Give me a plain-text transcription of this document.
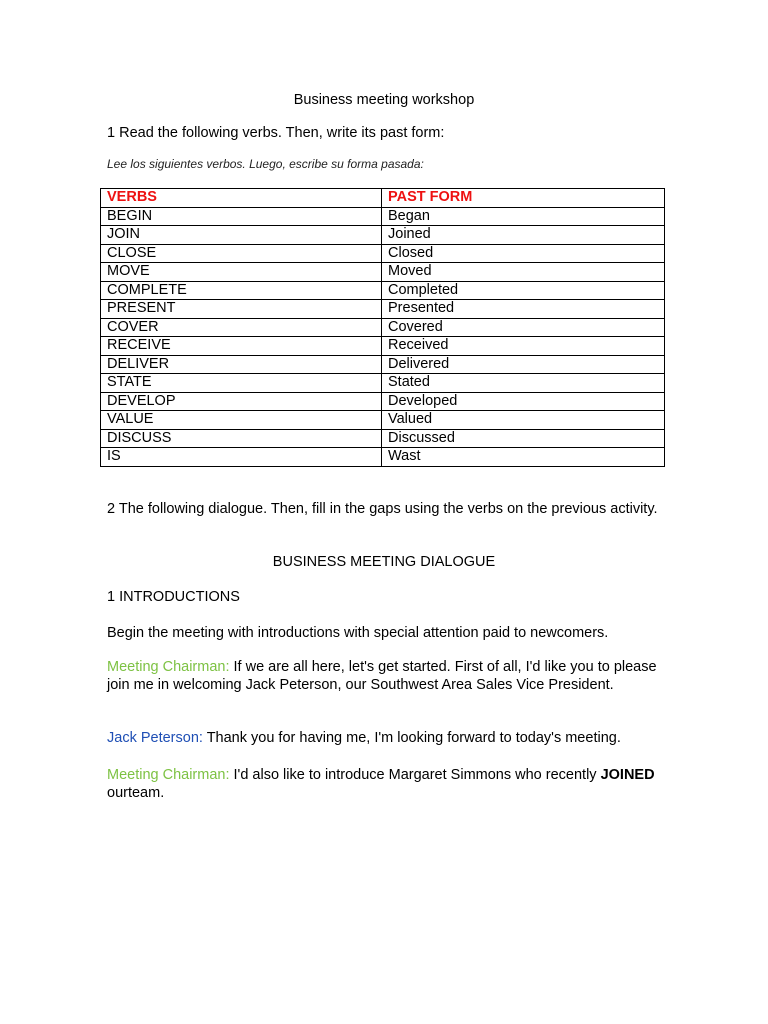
Business meeting workshop
1 Read the following verbs. Then, write its past form:
Lee los siguientes verbos. Luego, escribe su forma pasada:
VERBS	PAST FORM
BEGIN	Began
JOIN	Joined
CLOSE	Closed
MOVE	Moved
COMPLETE	Completed
PRESENT	Presented
COVER	Covered
RECEIVE	Received
DELIVER	Delivered
STATE	Stated
DEVELOP	Developed
VALUE	Valued
DISCUSS	Discussed
IS	Wast
2 The following dialogue. Then, fill in the gaps using the verbs on the previous activity.
BUSINESS MEETING DIALOGUE
1 INTRODUCTIONS
Begin the meeting with introductions with special attention paid to newcomers.
Meeting Chairman: If we are all here, let's get started. First of all, I'd like you to please join me in welcoming Jack Peterson, our Southwest Area Sales Vice President.
Jack Peterson: Thank you for having me, I'm looking forward to today's meeting.
Meeting Chairman: I'd also like to introduce Margaret Simmons who recently JOINED ourteam.
